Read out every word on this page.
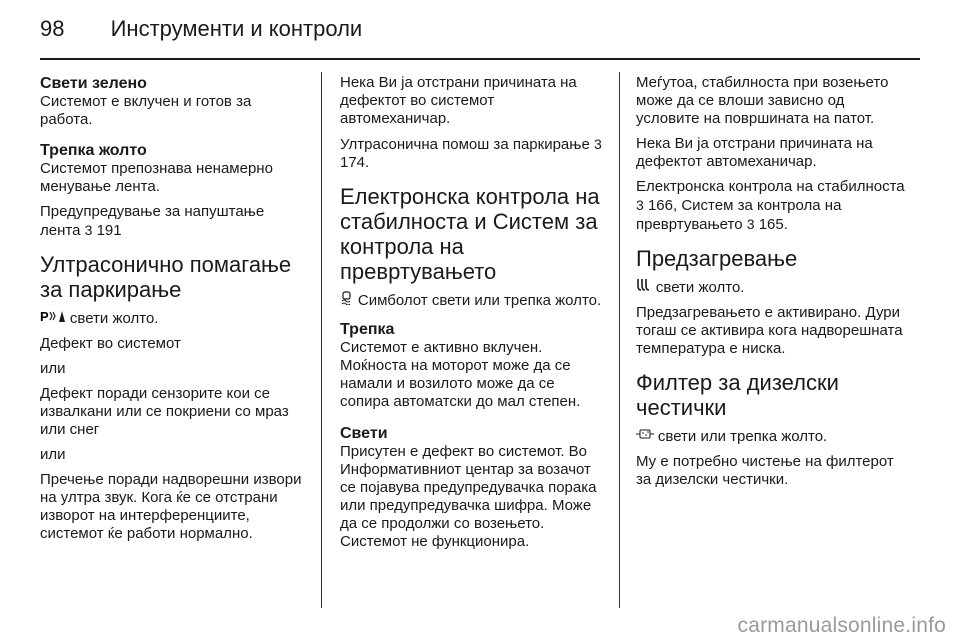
98 Инструменти и контроли

Свети зелено

Системот е вклучен и готов за работа.

Трепка жолто

Системот препознава ненамерно менување лента.

Предупредување за напуштање лента 3 191

Ултрасонично помагање за паркирање

P свети жолто.

Дефект во системот

или

Дефект поради сензорите кои се извалкани или се покриени со мраз или снег

или

Пречење поради надворешни извори на ултра звук. Кога ќе се отстрани изворот на интерференциите, системот ќе работи нормално.

Нека Ви ја отстрани причината на дефектот во системот автомеханичар.

Ултрасонична помош за паркирање 3 174.

Електронска контрола на стабилноста и Систем за контрола на превртувањето

Симболот свети или трепка жолто.

Трепка

Системот е активно вклучен. Моќноста на моторот може да се намали и возилото може да се сопира автоматски до мал степен.

Свети

Присутен е дефект во системот. Во Информативниот центар за возачот се појавува предупредувачка порака или предупредувачка шифра. Може да се продолжи со возењето. Системот не функционира.

Меѓутоа, стабилноста при возењето може да се влоши зависно од условите на површината на патот.

Нека Ви ја отстрани причината на дефектот автомеханичар.

Електронска контрола на стабилноста 3 166, Систем за контрола на превртувањето 3 165.

Предзагревање

свети жолто.

Предзагревањето е активирано. Дури тогаш се активира кога надворешната температура е ниска.

Филтер за дизелски честички

свети или трепка жолто.

Му е потребно чистење на филтерот за дизелски честички.

carmanualsonline.info
